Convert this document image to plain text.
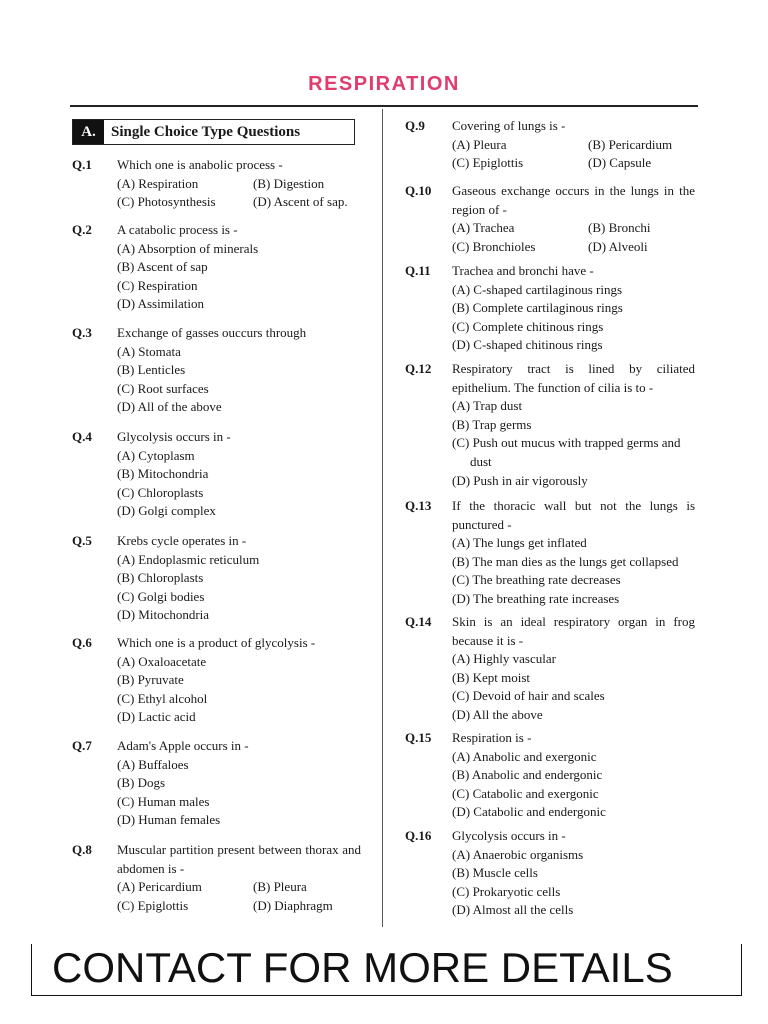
RESPIRATION
A.	Single Choice Type Questions
Q.1 Which one is anabolic process -
(A) Respiration	(B) Digestion
(C) Photosynthesis	(D) Ascent of sap.
Q.2 A catabolic process is -
(A) Absorption of minerals
(B) Ascent of sap
(C) Respiration
(D) Assimilation
Q.3 Exchange of gasses ouccurs through
(A) Stomata
(B) Lenticles
(C) Root surfaces
(D) All of the above
Q.4 Glycolysis occurs in -
(A) Cytoplasm
(B) Mitochondria
(C) Chloroplasts
(D) Golgi complex
Q.5 Krebs cycle operates in -
(A) Endoplasmic reticulum
(B) Chloroplasts
(C) Golgi bodies
(D) Mitochondria
Q.6 Which one is a product of glycolysis -
(A) Oxaloacetate
(B) Pyruvate
(C) Ethyl alcohol
(D) Lactic acid
Q.7 Adam's Apple occurs in -
(A) Buffaloes
(B) Dogs
(C) Human males
(D) Human females
Q.8 Muscular partition present between thorax and abdomen is -
(A) Pericardium	(B) Pleura
(C) Epiglottis	(D) Diaphragm
Q.9 Covering of lungs is -
(A) Pleura	(B) Pericardium
(C) Epiglottis	(D) Capsule
Q.10 Gaseous exchange occurs in the lungs in the region of -
(A) Trachea	(B) Bronchi
(C) Bronchioles	(D) Alveoli
Q.11 Trachea and bronchi have -
(A) C-shaped cartilaginous rings
(B) Complete cartilaginous rings
(C) Complete chitinous rings
(D) C-shaped chitinous rings
Q.12 Respiratory tract is lined by ciliated epithelium. The function of cilia is to -
(A) Trap dust
(B) Trap germs
(C) Push out mucus with trapped germs and
dust
(D) Push in air vigorously
Q.13 If the thoracic wall but not the lungs is punctured -
(A) The lungs get inflated
(B) The man dies as the lungs get collapsed
(C) The breathing rate decreases
(D) The breathing rate increases
Q.14 Skin is an ideal respiratory organ in frog because it is -
(A) Highly vascular
(B) Kept moist
(C) Devoid of hair and scales
(D) All the above
Q.15 Respiration is -
(A) Anabolic and exergonic
(B) Anabolic and endergonic
(C) Catabolic and exergonic
(D) Catabolic and endergonic
Q.16 Glycolysis occurs in -
(A) Anaerobic organisms
(B) Muscle cells
(C) Prokaryotic cells
(D) Almost all the cells
CONTACT FOR MORE DETAILS
